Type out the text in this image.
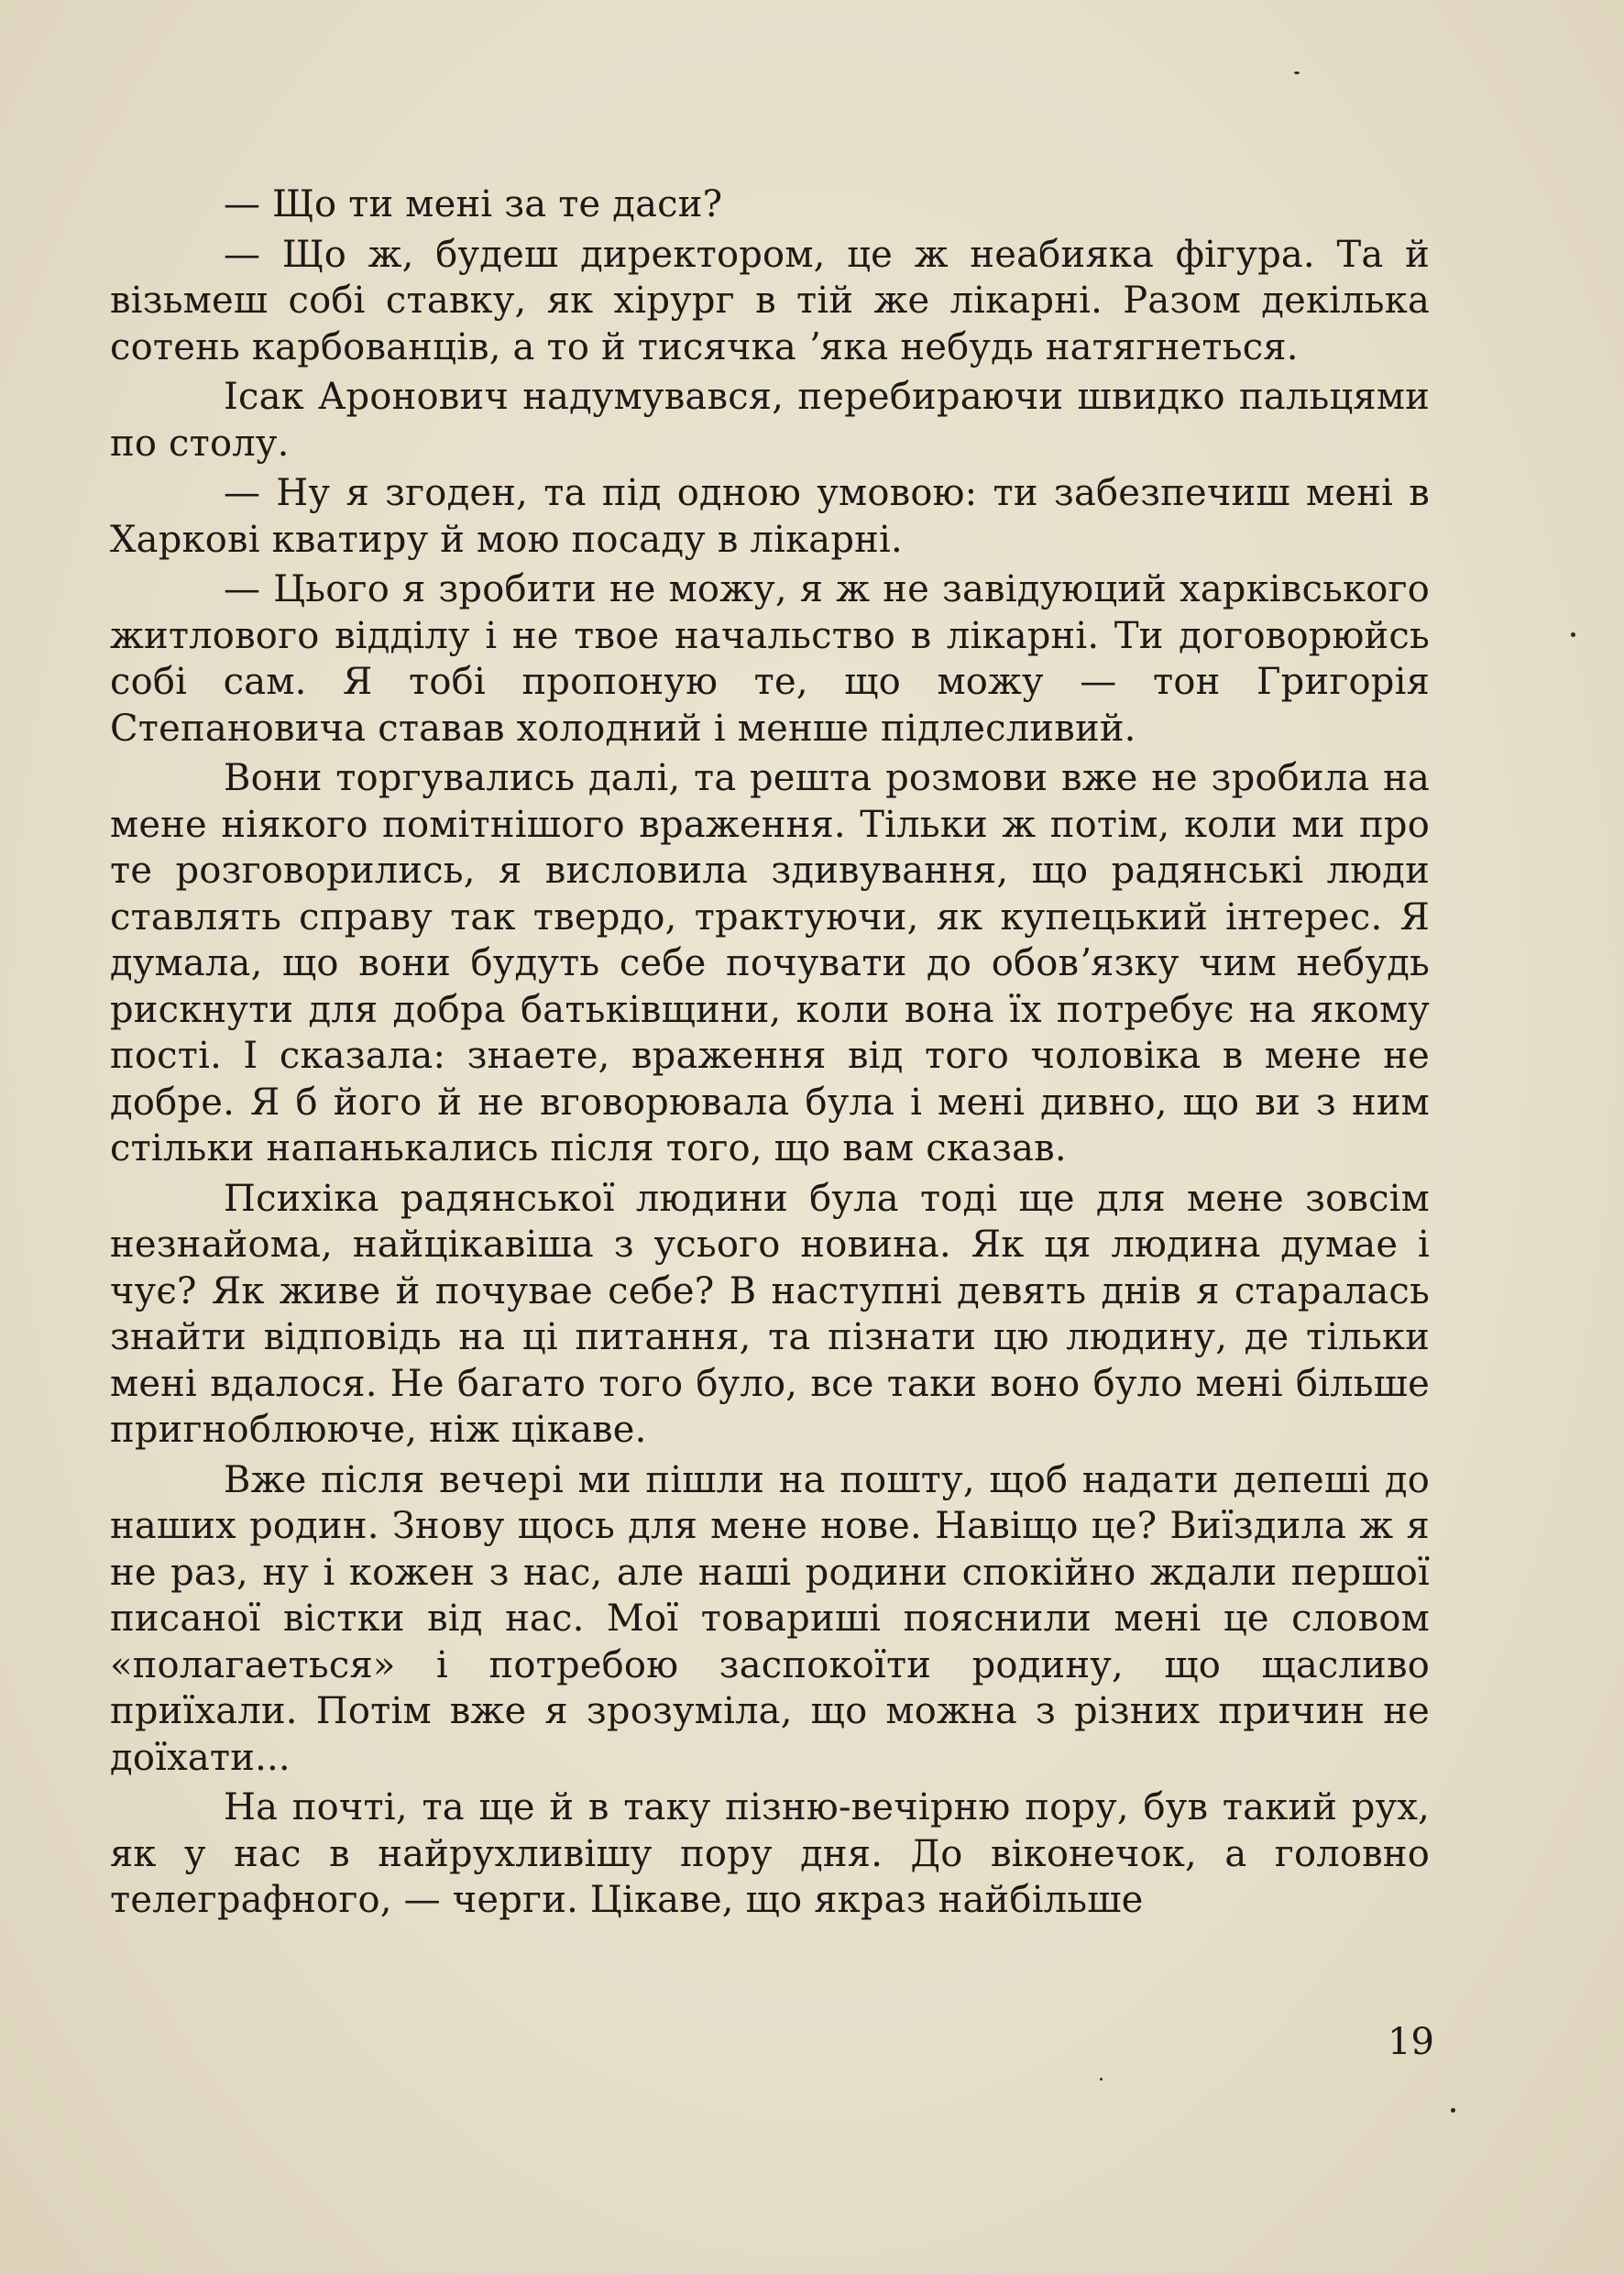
— Що ти мені за те даси?

— Що ж, будеш директором, це ж неабияка фігура. Та й візьмеш собі ставку, як хірург в тій же лікарні. Разом декілька сотень карбованців, а то й тисячка ʼяка небудь натягнеться.

Ісак Аронович надумувався, перебираючи швидко пальцями по столу.

— Ну я згоден, та під одною умовою: ти забезпечиш мені в Харкові кватиру й мою посаду в лікарні.

— Цього я зробити не можу, я ж не завідуюций харківського житлового відділу і не твое начальство в лікарні. Ти договорюйсь собі сам. Я тобі пропоную те, що можу — тон Григорія Степановича ставав холодний і менше підлесливий.

Вони торгувались далі, та решта розмови вже не зробила на мене ніякого помітнішого враження. Тільки ж потім, коли ми про те розговорились, я висловила здивування, що радянські люди ставлять справу так твердо, трактуючи, як купецький інтерес. Я думала, що вони будуть себе почувати до обовʼязку чим небудь рискнути для добра батьківщини, коли вона їх потребує на якому пості. І сказала: знаете, враження від того чоловіка в мене не добре. Я б його й не вговорювала була і мені дивно, що ви з ним стільки напанькались після того, що вам сказав.

Психіка радянської людини була тоді ще для мене зовсім незнайома, найцікавіша з усього новина. Як ця людина думае і чує? Як живе й почувае себе? В наступні девять днів я старалась знайти відповідь на ці питання, та пізнати цю людину, де тільки мені вдалося. Не багато того було, все таки воно було мені більше пригноблююче, ніж цікаве.

Вже після вечері ми пішли на пошту, щоб надати депеші до наших родин. Знову щось для мене нове. Навіщо це? Виїздила ж я не раз, ну і кожен з нас, але наші родини спокійно ждали першої писаної вістки від нас. Мої товариші пояснили мені це словом «полагаеться» і потребою заспокоїти родину, що щасливо приїхали. Потім вже я зрозуміла, що можна з різних причин не доїхати...

На почті, та ще й в таку пізню-вечірню пору, був такий рух, як у нас в найрухливішу пору дня. До віконечок, а головно телеграфного, — черги. Цікаве, що якраз найбільше

19
